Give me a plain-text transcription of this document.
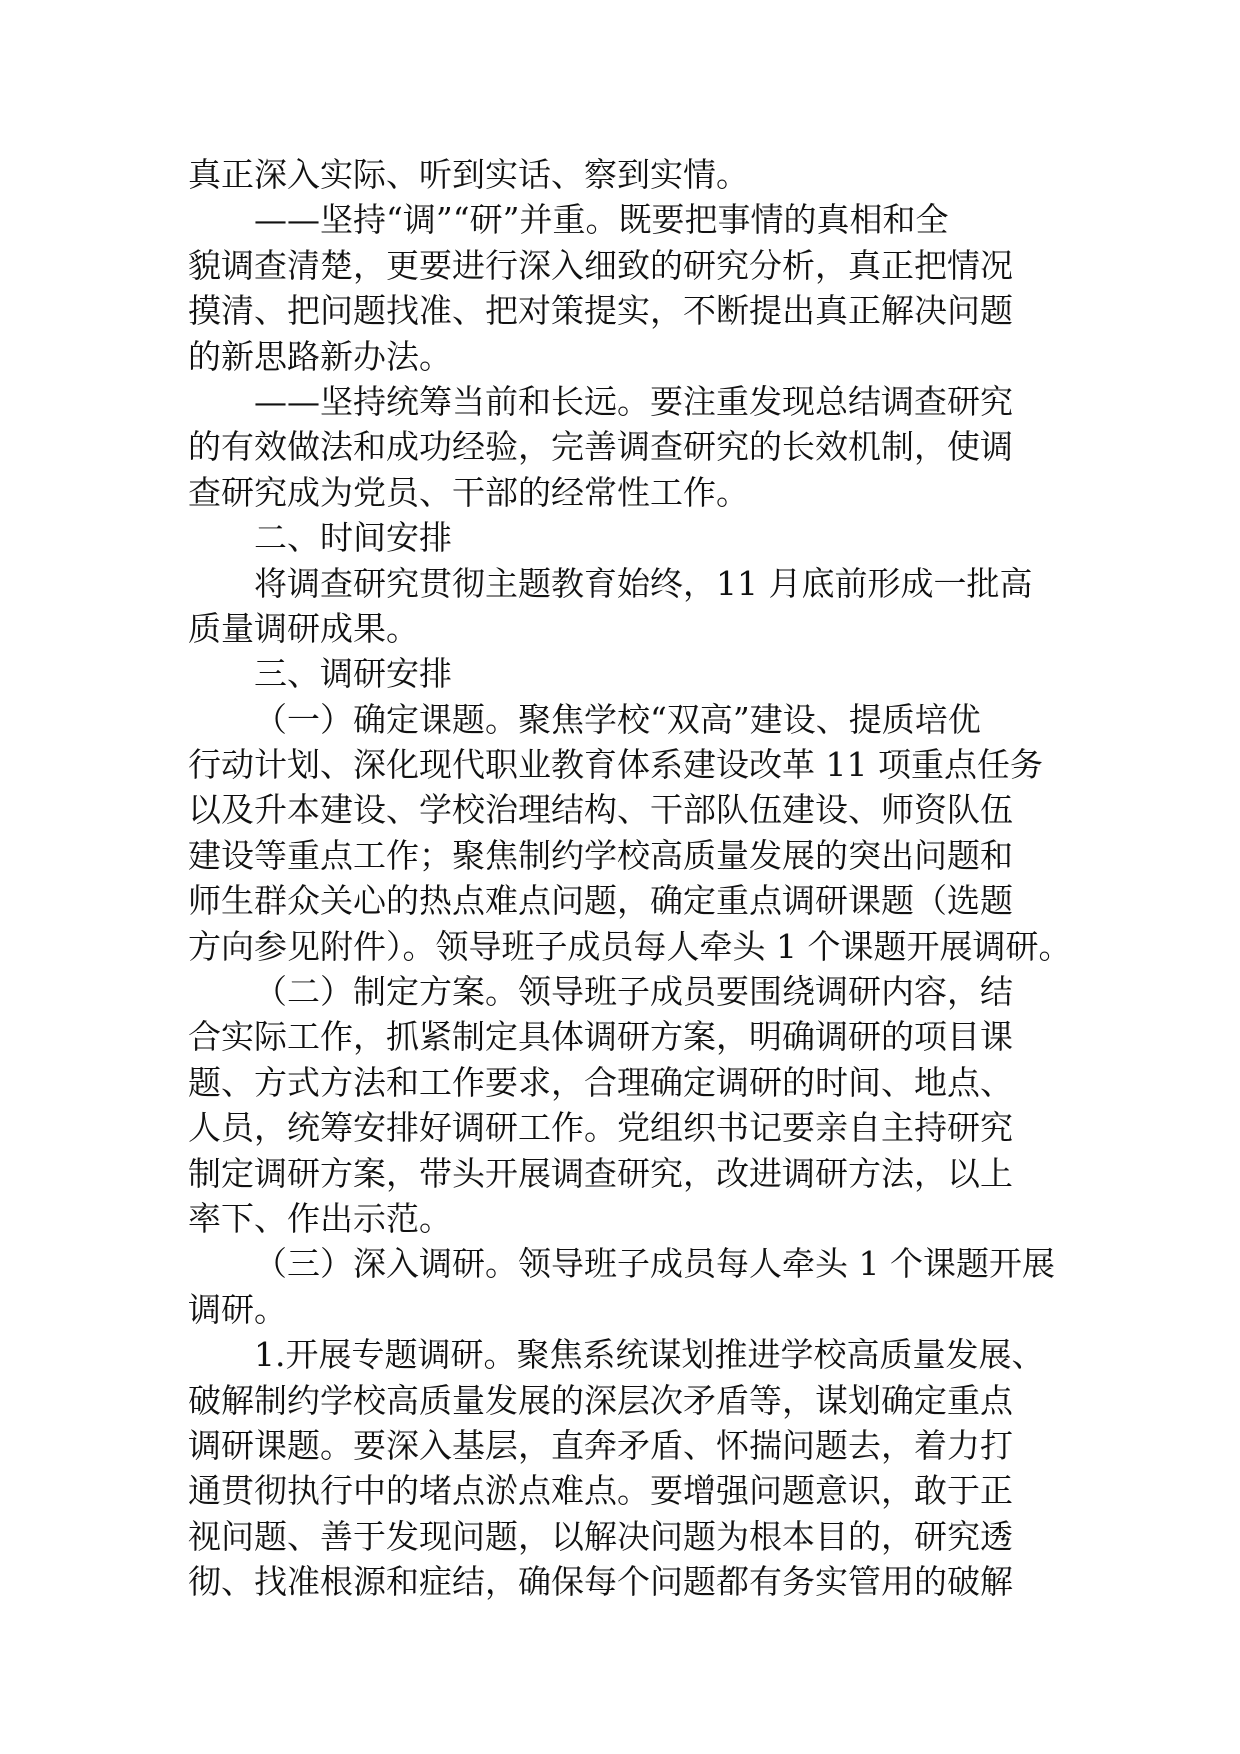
真正深入实际、听到实话、察到实情。
——坚持“调”“研”并重。既要把事情的真相和全
貌调查清楚，更要进行深入细致的研究分析，真正把情况
摸清、把问题找准、把对策提实，不断提出真正解决问题
的新思路新办法。
——坚持统筹当前和长远。要注重发现总结调查研究
的有效做法和成功经验，完善调查研究的长效机制，使调
查研究成为党员、干部的经常性工作。
二、时间安排
将调查研究贯彻主题教育始终，11 月底前形成一批高
质量调研成果。
三、调研安排
（一）确定课题。聚焦学校“双高”建设、提质培优
行动计划、深化现代职业教育体系建设改革 11 项重点任务
以及升本建设、学校治理结构、干部队伍建设、师资队伍
建设等重点工作；聚焦制约学校高质量发展的突出问题和
师生群众关心的热点难点问题，确定重点调研课题（选题
方向参见附件）。领导班子成员每人牵头 1 个课题开展调研。
（二）制定方案。领导班子成员要围绕调研内容，结
合实际工作，抓紧制定具体调研方案，明确调研的项目课
题、方式方法和工作要求，合理确定调研的时间、地点、
人员，统筹安排好调研工作。党组织书记要亲自主持研究
制定调研方案，带头开展调查研究，改进调研方法，以上
率下、作出示范。
（三）深入调研。领导班子成员每人牵头 1 个课题开展
调研。
1.开展专题调研。聚焦系统谋划推进学校高质量发展、
破解制约学校高质量发展的深层次矛盾等，谋划确定重点
调研课题。要深入基层，直奔矛盾、怀揣问题去，着力打
通贯彻执行中的堵点淤点难点。要增强问题意识，敢于正
视问题、善于发现问题，以解决问题为根本目的，研究透
彻、找准根源和症结，确保每个问题都有务实管用的破解
